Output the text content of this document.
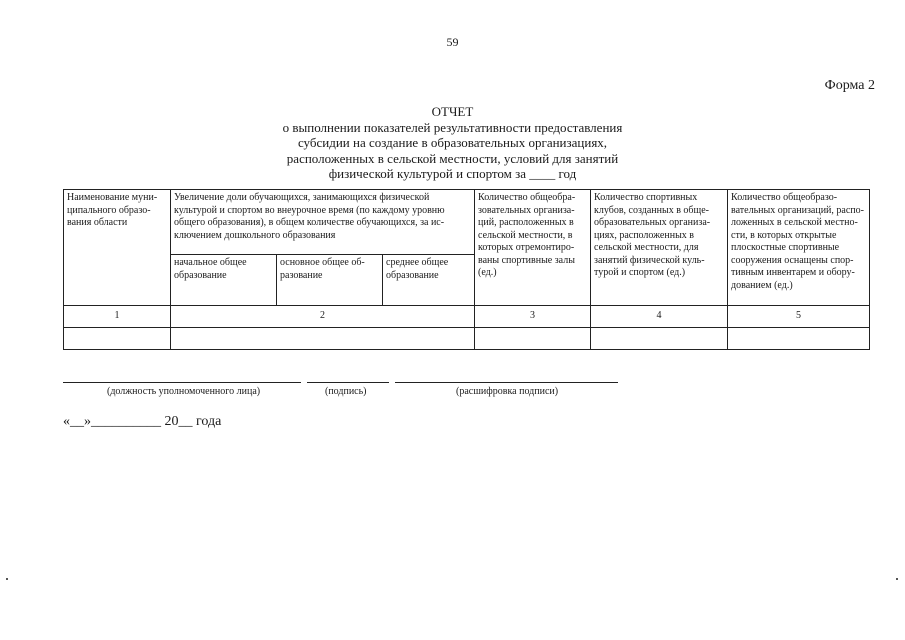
59
Форма 2
ОТЧЕТ
о выполнении показателей результативности предоставления
субсидии на создание в образовательных организациях,
расположенных в сельской местности, условий для занятий
физической культурой и спортом за ____ год
Наименование муни-ципального образо-вания области	Увеличение доли обучающихся, занимающихся физической культурой и спортом во внеурочное время (по каждому уровню общего образования), в общем количестве обучающихся, за ис-ключением дошкольного образования			Количество общеобра-зовательных организа-ций, расположенных в сельской местности, в которых отремонтиро-ваны спортивные залы (ед.)	Количество спортивных клубов, созданных в обще-образовательных организа-циях, расположенных в сельской местности, для занятий физической куль-турой и спортом (ед.)	Количество общеобразо-вательных организаций, распо-ложенных в сельской местно-сти, в которых открытые плоскостные спортивные сооружения оснащены спор-тивным инвентарем и обору-дованием (ед.)
	начальное общее образование	основное общее об-разование	среднее общее образование			
1	2			3	4	5

(должность уполномоченного лица)	(подпись)	(расшифровка подписи)
«__»__________ 20__ года
